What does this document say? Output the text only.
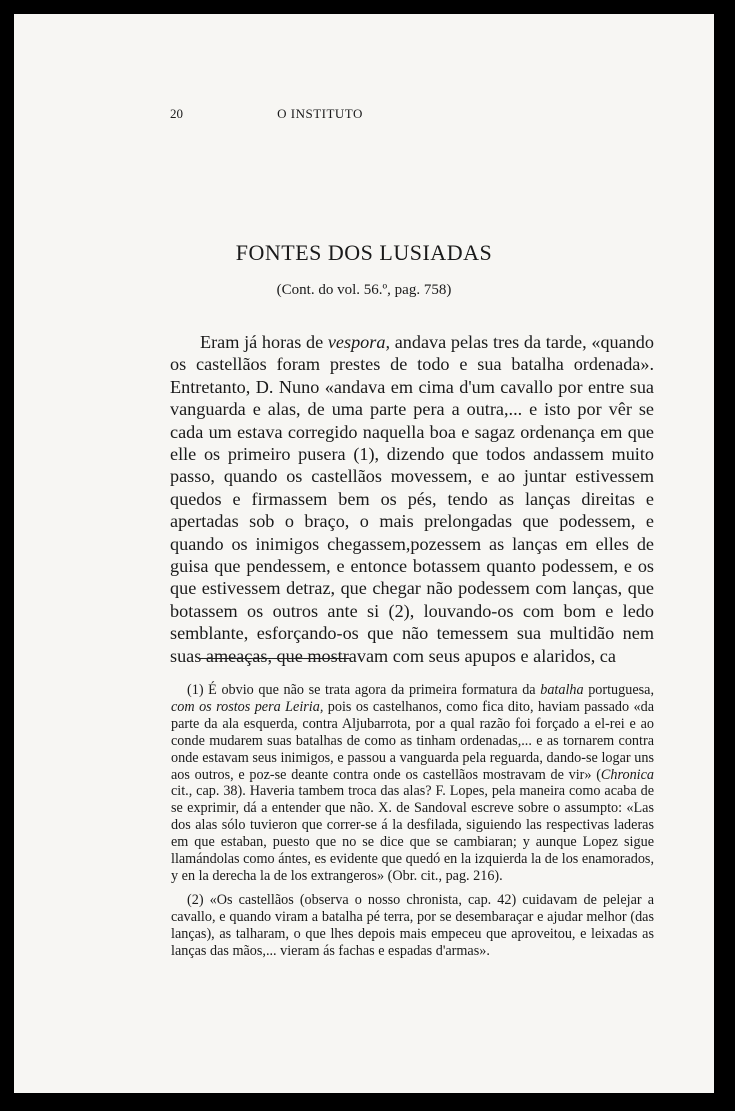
20	O INSTITUTO
FONTES DOS LUSIADAS
(Cont. do vol. 56.º, pag. 758)

Eram já horas de vespora, andava pelas tres da tarde, «quando os castellãos foram prestes de todo e sua batalha ordenada». Entretanto, D. Nuno «andava em cima d'um cavallo por entre sua vanguarda e alas, de uma parte pera a outra,... e isto por vêr se cada um estava corregido naquella boa e sagaz ordenança em que elle os primeiro pusera (1), dizendo que todos andassem muito passo, quando os castellãos movessem, e ao juntar estivessem quedos e firmassem bem os pés, tendo as lanças direitas e apertadas sob o braço, o mais prelongadas que podessem, e quando os inimigos chegassem,pozessem as lanças em elles de guisa que pendessem, e entonce botassem quanto podessem, e os que estivessem detraz, que chegar não podessem com lanças, que botassem os outros ante si (2), louvando-os com bom e ledo semblante, esforçando-os que não temessem sua multidão nem suas ameaças, que mostravam com seus apupos e alaridos, ca

(1) É obvio que não se trata agora da primeira formatura da batalha portuguesa, com os rostos pera Leiria, pois os castelhanos, como fica dito, haviam passado «da parte da ala esquerda, contra Aljubarrota, por a qual razão foi forçado a el-rei e ao conde mudarem suas batalhas de como as tinham ordenadas,... e as tornarem contra onde estavam seus inimigos, e passou a vanguarda pela reguarda, dando-se logar uns aos outros, e poz-se deante contra onde os castellãos mostravam de vir» (Chronica cit., cap. 38). Haveria tambem troca das alas? F. Lopes, pela maneira como acaba de se exprimir, dá a entender que não. X. de Sandoval escreve sobre o assumpto: «Las dos alas sólo tuvieron que correr-se á la desfilada, siguiendo las respectivas laderas em que estaban, puesto que no se dice que se cambiaran; y aunque Lopez sigue llamándolas como ántes, es evidente que quedó en la izquierda la de los enamorados, y en la derecha la de los extrangeros» (Obr. cit., pag. 216).

(2) «Os castellãos (observa o nosso chronista, cap. 42) cuidavam de pelejar a cavallo, e quando viram a batalha pé terra, por se desembaraçar e ajudar melhor (das lanças), as talharam, o que lhes depois mais empeceu que aproveitou, e leixadas as lanças das mãos,... vieram ás fachas e espadas d'armas».
